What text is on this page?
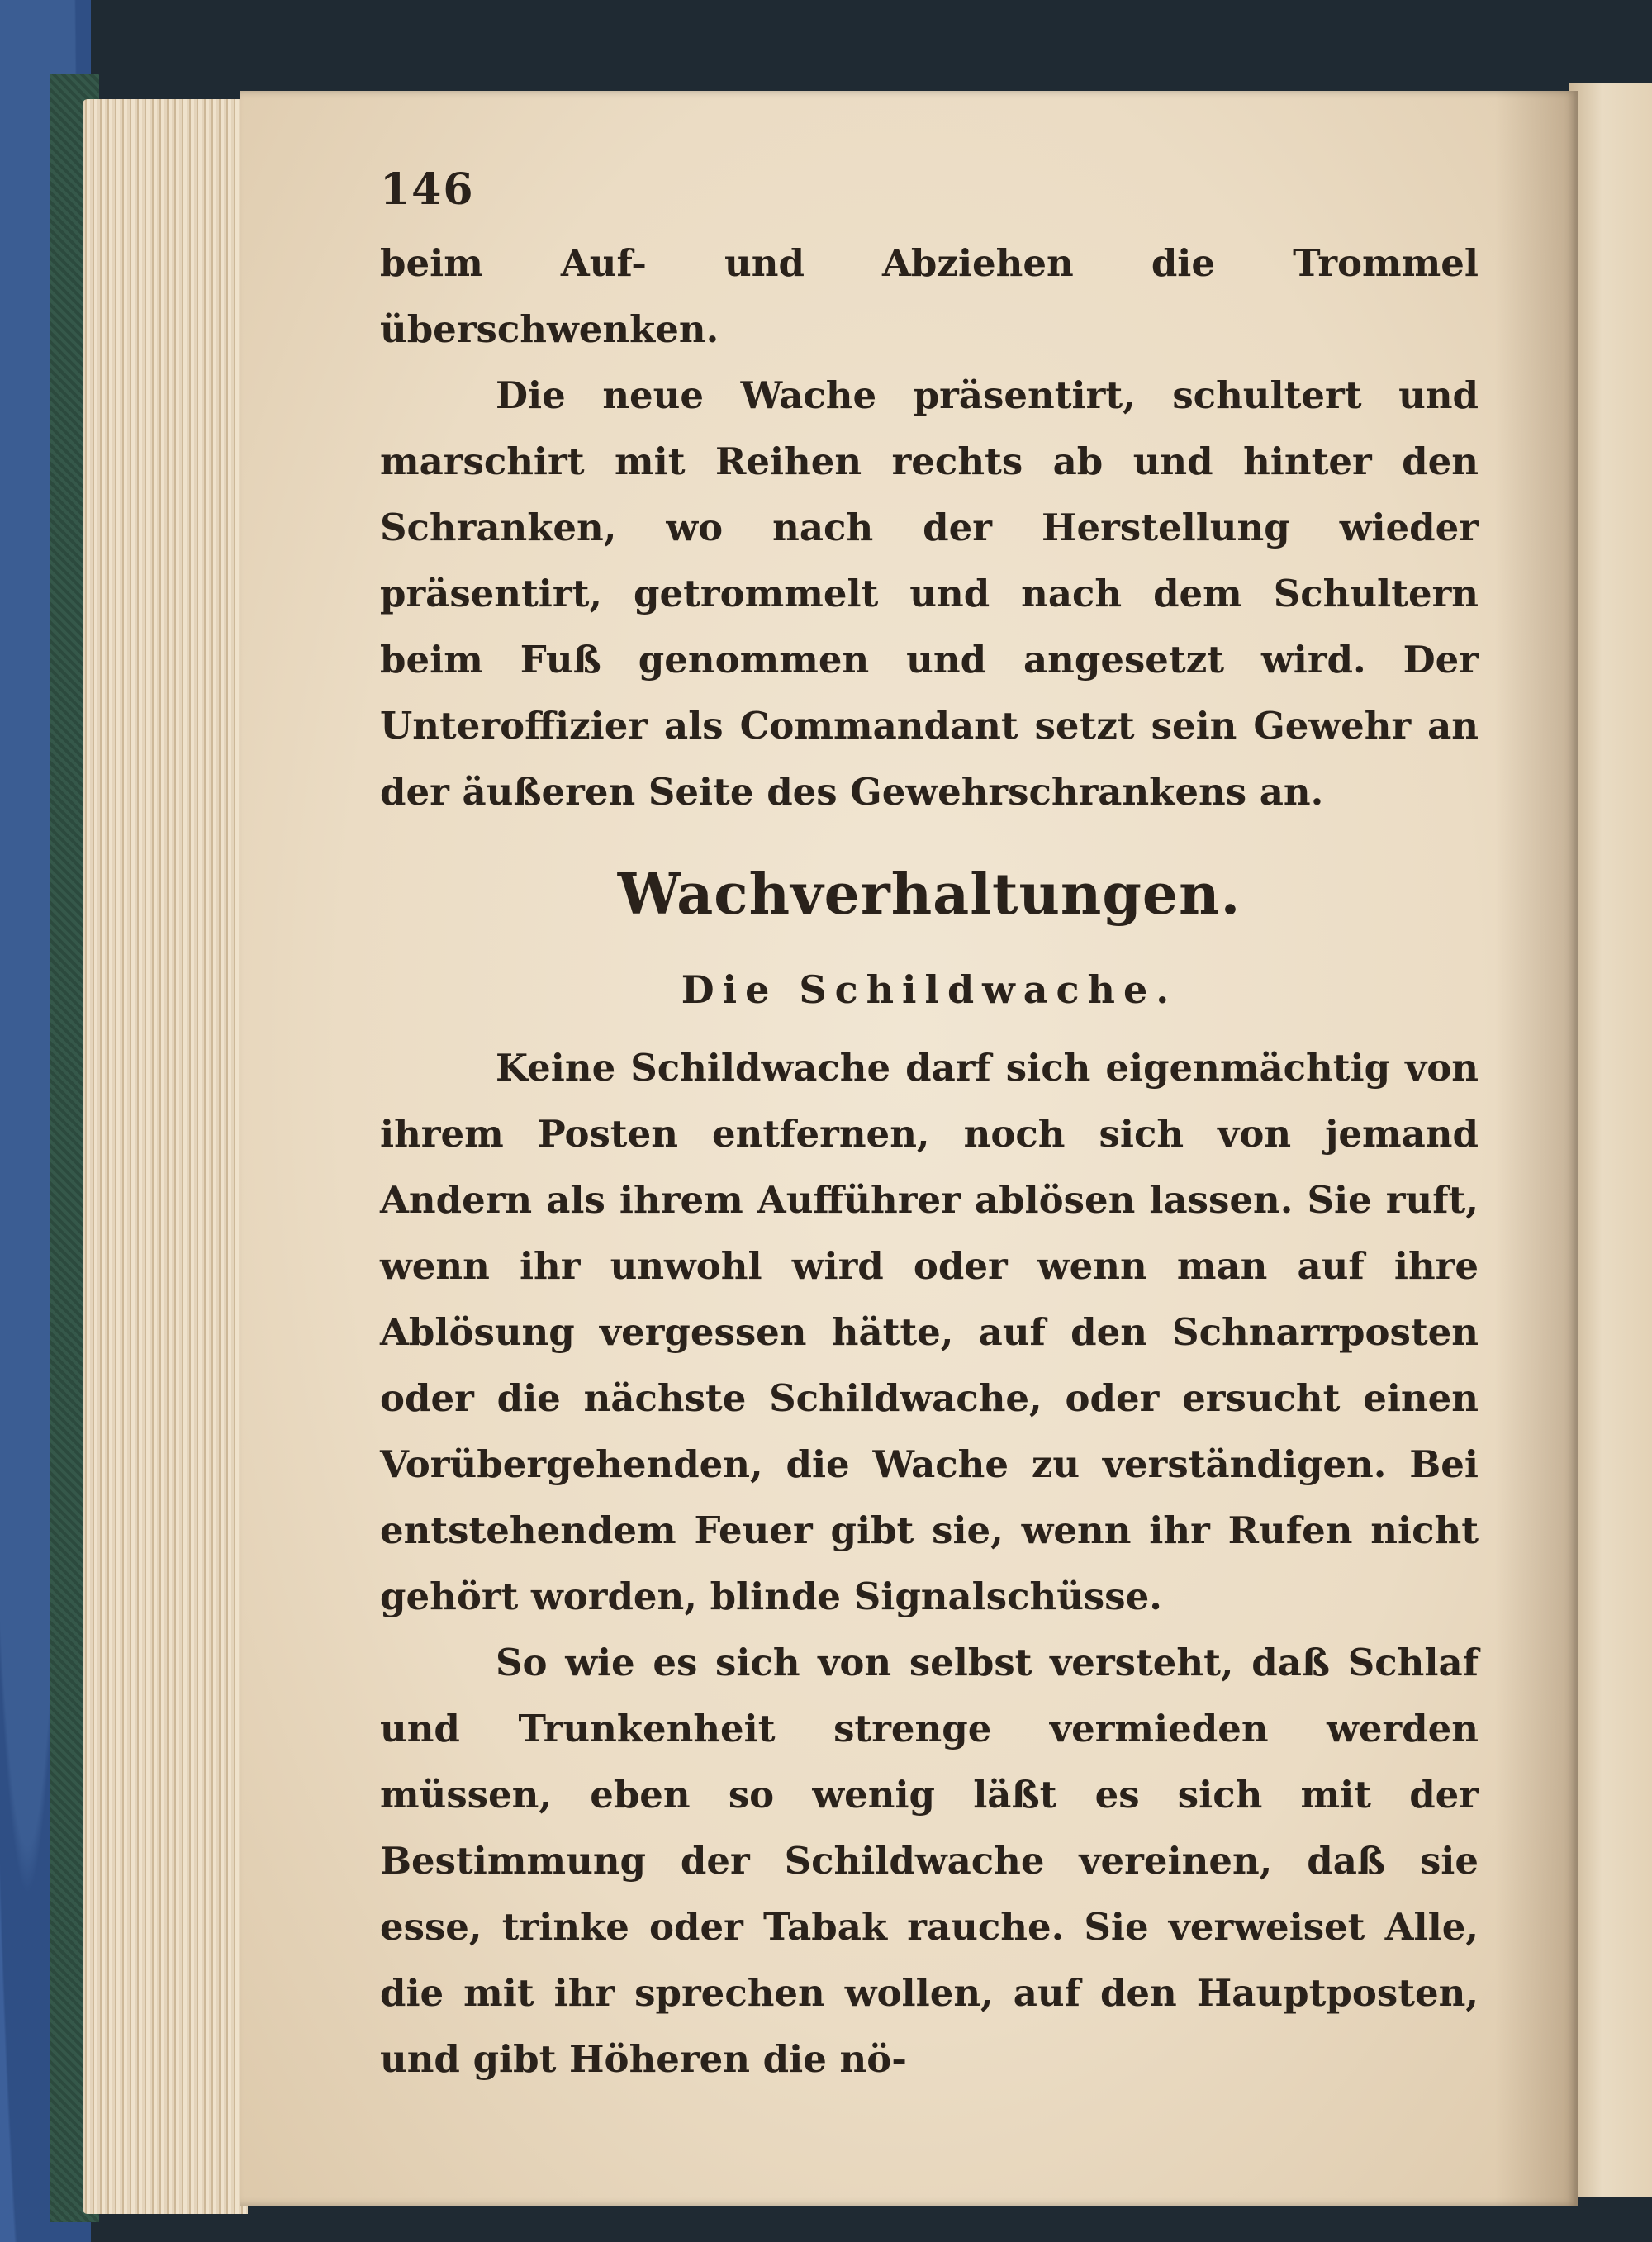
146

beim Auf- und Abziehen die Trommel überschwenken.

Die neue Wache präsentirt, schultert und marschirt mit Reihen rechts ab und hinter den Schranken, wo nach der Herstellung wieder präsentirt, getrommelt und nach dem Schultern beim Fuß genommen und angesetzt wird. Der Unteroffizier als Commandant setzt sein Gewehr an der äußeren Seite des Gewehrschrankens an.

Wachverhaltungen.
Die Schildwache.

Keine Schildwache darf sich eigenmächtig von ihrem Posten entfernen, noch sich von jemand Andern als ihrem Aufführer ablösen lassen. Sie ruft, wenn ihr unwohl wird oder wenn man auf ihre Ablösung vergessen hätte, auf den Schnarrposten oder die nächste Schildwache, oder ersucht einen Vorübergehenden, die Wache zu verständigen. Bei entstehendem Feuer gibt sie, wenn ihr Rufen nicht gehört worden, blinde Signalschüsse.

So wie es sich von selbst versteht, daß Schlaf und Trunkenheit strenge vermieden werden müssen, eben so wenig läßt es sich mit der Bestimmung der Schildwache vereinen, daß sie esse, trinke oder Tabak rauche. Sie verweiset Alle, die mit ihr sprechen wollen, auf den Hauptposten, und gibt Höheren die nö-
